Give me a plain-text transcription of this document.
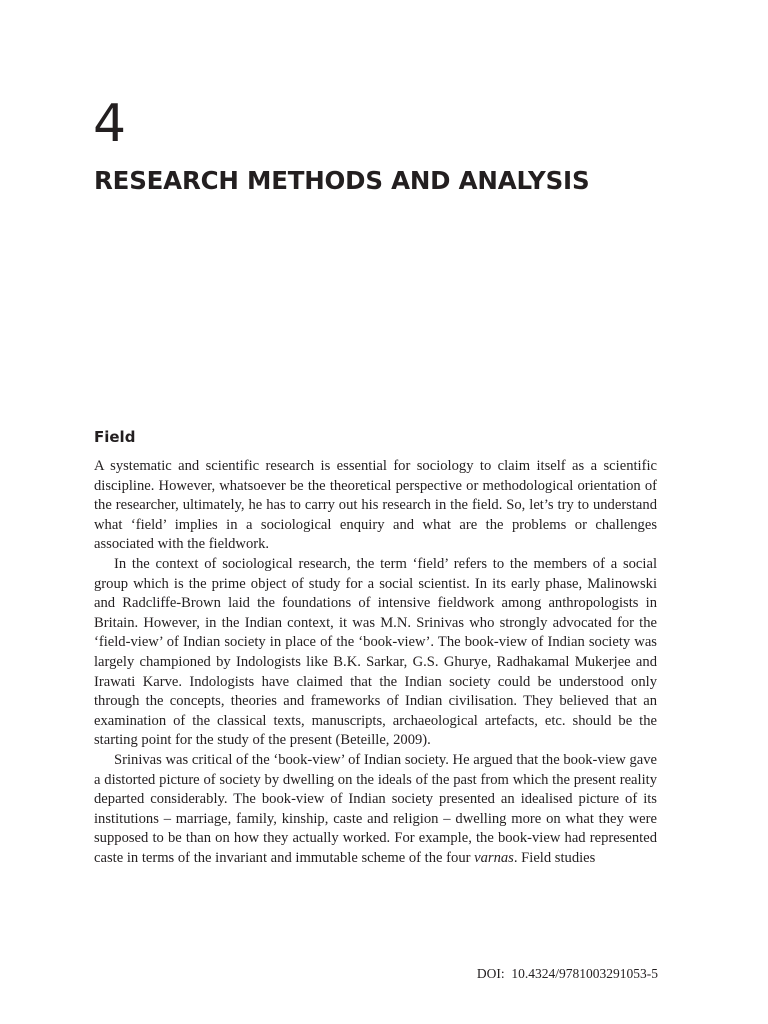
4
RESEARCH METHODS AND ANALYSIS
Field

A systematic and scientific research is essential for sociology to claim itself as a scientific discipline. However, whatsoever be the theoretical perspective or methodological orientation of the researcher, ultimately, he has to carry out his research in the field. So, let’s try to understand what ‘field’ implies in a sociological enquiry and what are the problems or challenges associated with the fieldwork.

In the context of sociological research, the term ‘field’ refers to the members of a social group which is the prime object of study for a social scientist. In its early phase, Malinowski and Radcliffe-Brown laid the foundations of intensive fieldwork among anthropologists in Britain. However, in the Indian context, it was M.N. Srinivas who strongly advocated for the ‘field-view’ of Indian society in place of the ‘book-view’. The book-view of Indian society was largely championed by Indologists like B.K. Sarkar, G.S. Ghurye, Radhakamal Mukerjee and Irawati Karve. Indologists have claimed that the Indian society could be understood only through the concepts, theories and frameworks of Indian civilisation. They believed that an examination of the classical texts, manuscripts, archaeological artefacts, etc. should be the starting point for the study of the present (Beteille, 2009).

Srinivas was critical of the ‘book-view’ of Indian society. He argued that the book-view gave a distorted picture of society by dwelling on the ideals of the past from which the present reality departed considerably. The book-view of Indian society presented an idealised picture of its institutions – marriage, family, kinship, caste and religion – dwelling more on what they were supposed to be than on how they actually worked. For example, the book-view had represented caste in terms of the invariant and immutable scheme of the four varnas. Field studies

DOI:  10.4324/9781003291053-5
